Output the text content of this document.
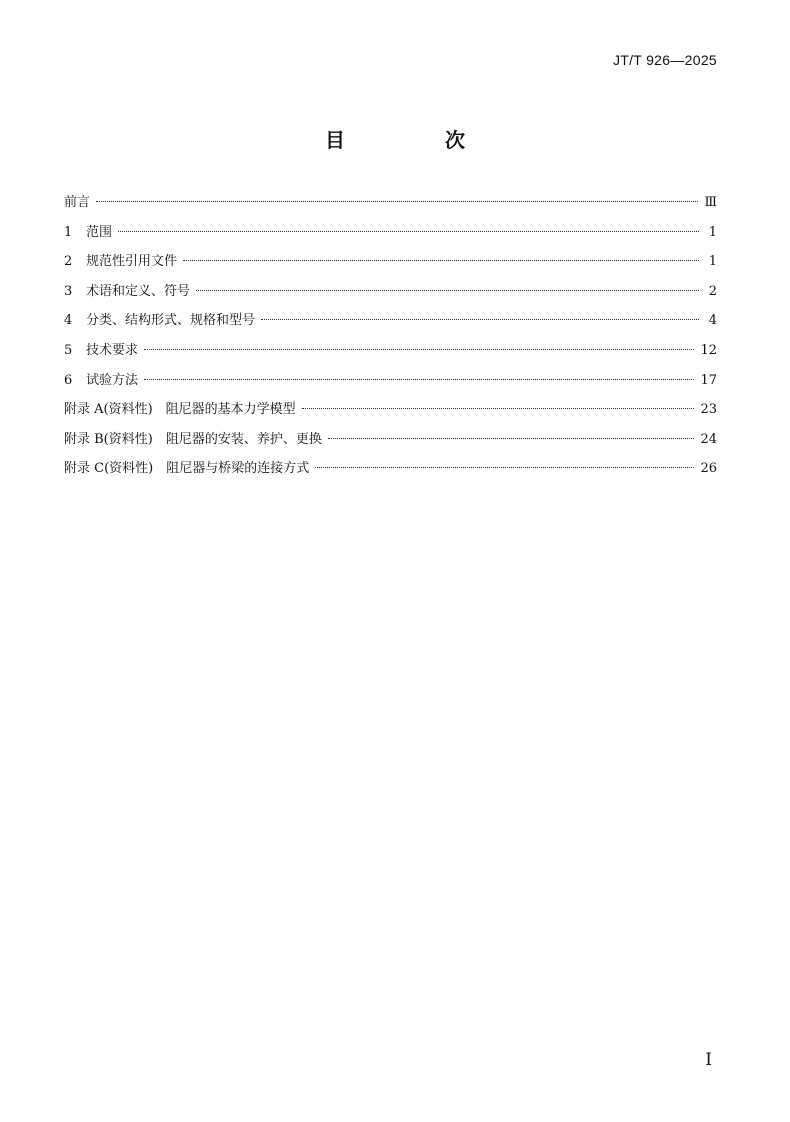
JT/T 926—2025
目　次
前言	Ⅲ
1	范围	1
2	规范性引用文件	1
3	术语和定义、符号	2
4	分类、结构形式、规格和型号	4
5	技术要求	12
6	试验方法	17
附录 A(资料性)　阻尼器的基本力学模型	23
附录 B(资料性)　阻尼器的安装、养护、更换	24
附录 C(资料性)　阻尼器与桥梁的连接方式	26
I
